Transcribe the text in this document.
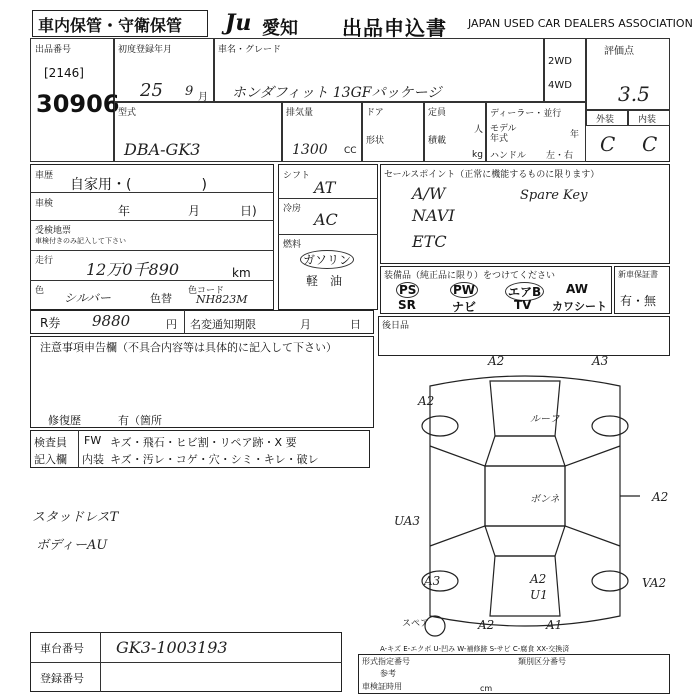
車内保管・守衛保管 Ju 愛知 出品申込書 JAPAN USED CAR DEALERS ASSOCIATION
出品番号
[2146]
30906
初度登録年月
25 9 月
車名・グレード
ホンダフィット 13GFパッケージ
2WD
4WD
評価点
3.5
外装	内装
C C
型式
DBA-GK3
排気量
1300 CC
ドア
形状
定員
人
積載
kg
ディーラー・並行
モデル
年式	年
ハンドル 左・右
車歴
自家用・(　　　　　)
車検	年	月	日)
受検地票
車検付きのみ記入して下さい
走行 12万0千890	km
色 シルバー	色替
色コード
NH823M
R券 9880	円 名変通知期限	月	日
シフト
AT
冷房
AC
燃料
ガソリン
軽　油
セールスポイント（正常に機能するものに限ります）
A/W	Spare Key
NAVI
ETC
装備品（純正品に限り）をつけてください
PS	PW	エアB AW
SR	ナビ	TV カワシート
新車保証書
有・無
注意事項申告欄（不具合内容等は具体的に記入して下さい）
修復歴	有（箇所
後日品
検査員
記入欄
FW キズ・飛石・ヒビ割・リペア跡・X 要
内装 キズ・汚レ・コゲ・穴・シミ・キレ・破レ
スタッドレスT
ボディーAU
A2	A3
A2
A2
UA3
A3	A2
U1
VA2
A2	A1
ルーフ
ボンネ
スペア
A-キズ E-エクボ U-凹み W-補修跡 S-サビ C-腐食 XX-交換済
車台番号 GK3-1003193
登録番号
形式指定番号	類別区分番号
参考
車検証時用	cm
